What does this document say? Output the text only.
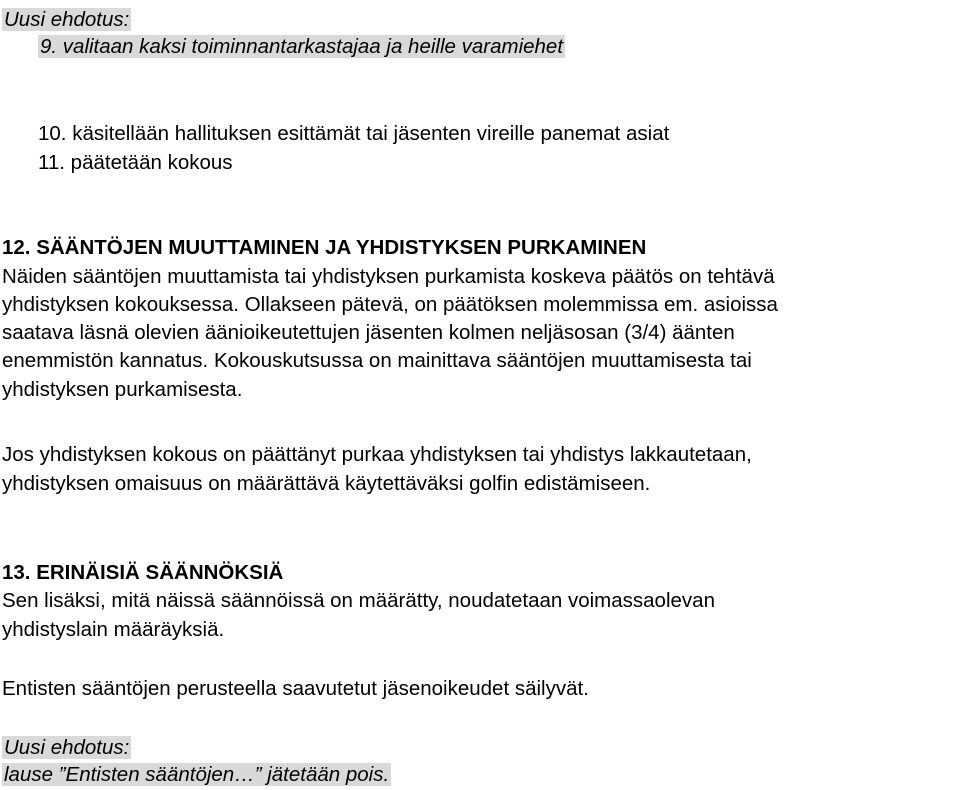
Uusi ehdotus:
9. valitaan kaksi toiminnantarkastajaa ja heille varamiehet
10. käsitellään hallituksen esittämät tai jäsenten vireille panemat asiat
11. päätetään kokous
12. SÄÄNTÖJEN MUUTTAMINEN JA YHDISTYKSEN PURKAMINEN
Näiden sääntöjen muuttamista tai yhdistyksen purkamista koskeva päätös on tehtävä
yhdistyksen kokouksessa. Ollakseen pätevä, on päätöksen molemmissa em. asioissa
saatava läsnä olevien äänioikeutettujen jäsenten kolmen neljäsosan (3/4) äänten
enemmistön kannatus. Kokouskutsussa on mainittava sääntöjen muuttamisesta tai
yhdistyksen purkamisesta.
Jos yhdistyksen kokous on päättänyt purkaa yhdistyksen tai yhdistys lakkautetaan,
yhdistyksen omaisuus on määrättävä käytettäväksi golfin edistämiseen.
13. ERINÄISIÄ SÄÄNNÖKSIÄ
Sen lisäksi, mitä näissä säännöissä on määrätty, noudatetaan voimassaolevan
yhdistyslain määräyksiä.
Entisten sääntöjen perusteella saavutetut jäsenoikeudet säilyvät.
Uusi ehdotus:
lause ”Entisten sääntöjen…” jätetään pois.
